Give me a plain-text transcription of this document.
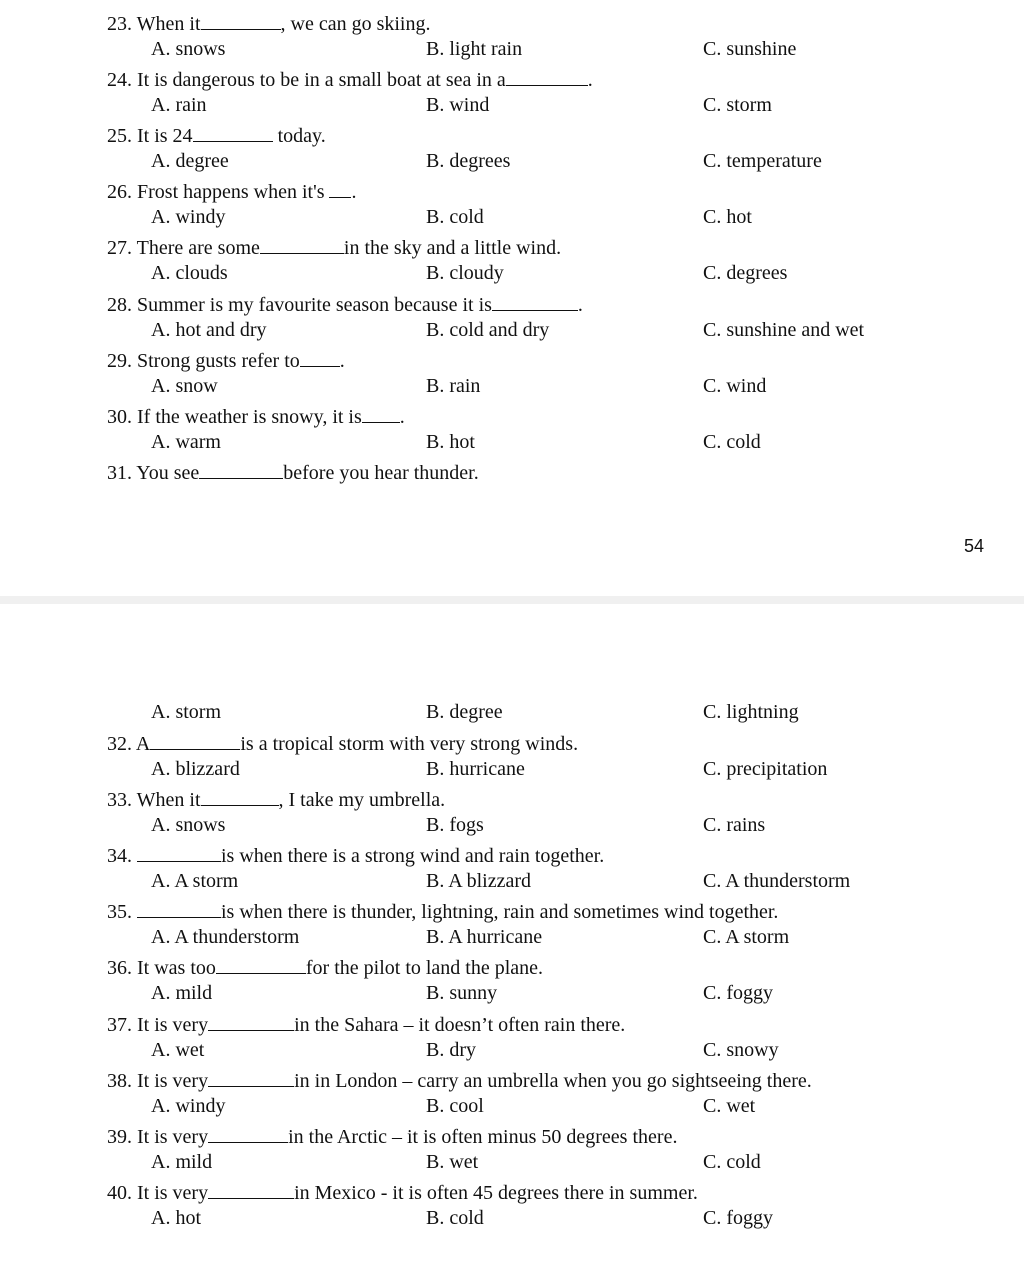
23. When it	, we can go skiing.
A. snows	B. light rain	C. sunshine
24. It is dangerous to be in a small boat at sea in a	.
A. rain	B. wind	C. storm
25. It is 24	today.
A. degree	B. degrees	C. temperature
26. Frost happens when it's .
A. windy	B. cold	C. hot
27. There are some	in the sky and a little wind.
A. clouds	B. cloudy	C. degrees
28. Summer is my favourite season because it is	.
A. hot and dry	B. cold and dry	C. sunshine and wet
29. Strong gusts refer to .
A. snow	B. rain	C. wind
30. If the weather is snowy, it is .
A. warm	B. hot	C. cold
31. You see	before you hear thunder.
54
A. storm	B. degree	C. lightning
32. A	is a tropical storm with very strong winds.
A. blizzard	B. hurricane	C. precipitation
33. When it	, I take my umbrella.
A. snows	B. fogs	C. rains
34.	is when there is a strong wind and rain together.
A. A storm	B. A blizzard	C. A thunderstorm
35.	is when there is thunder, lightning, rain and sometimes wind together.
A. A thunderstorm	B. A hurricane	C. A storm
36. It was too	for the pilot to land the plane.
A. mild	B. sunny	C. foggy
37. It is very	in the Sahara – it doesn’t often rain there.
A. wet	B. dry	C. snowy
38. It is very	in in London – carry an umbrella when you go sightseeing there.
A. windy	B. cool	C. wet
39. It is very	in the Arctic – it is often minus 50 degrees there.
A. mild	B. wet	C. cold
40. It is very	in Mexico - it is often 45 degrees there in summer.
A. hot	B. cold	C. foggy
